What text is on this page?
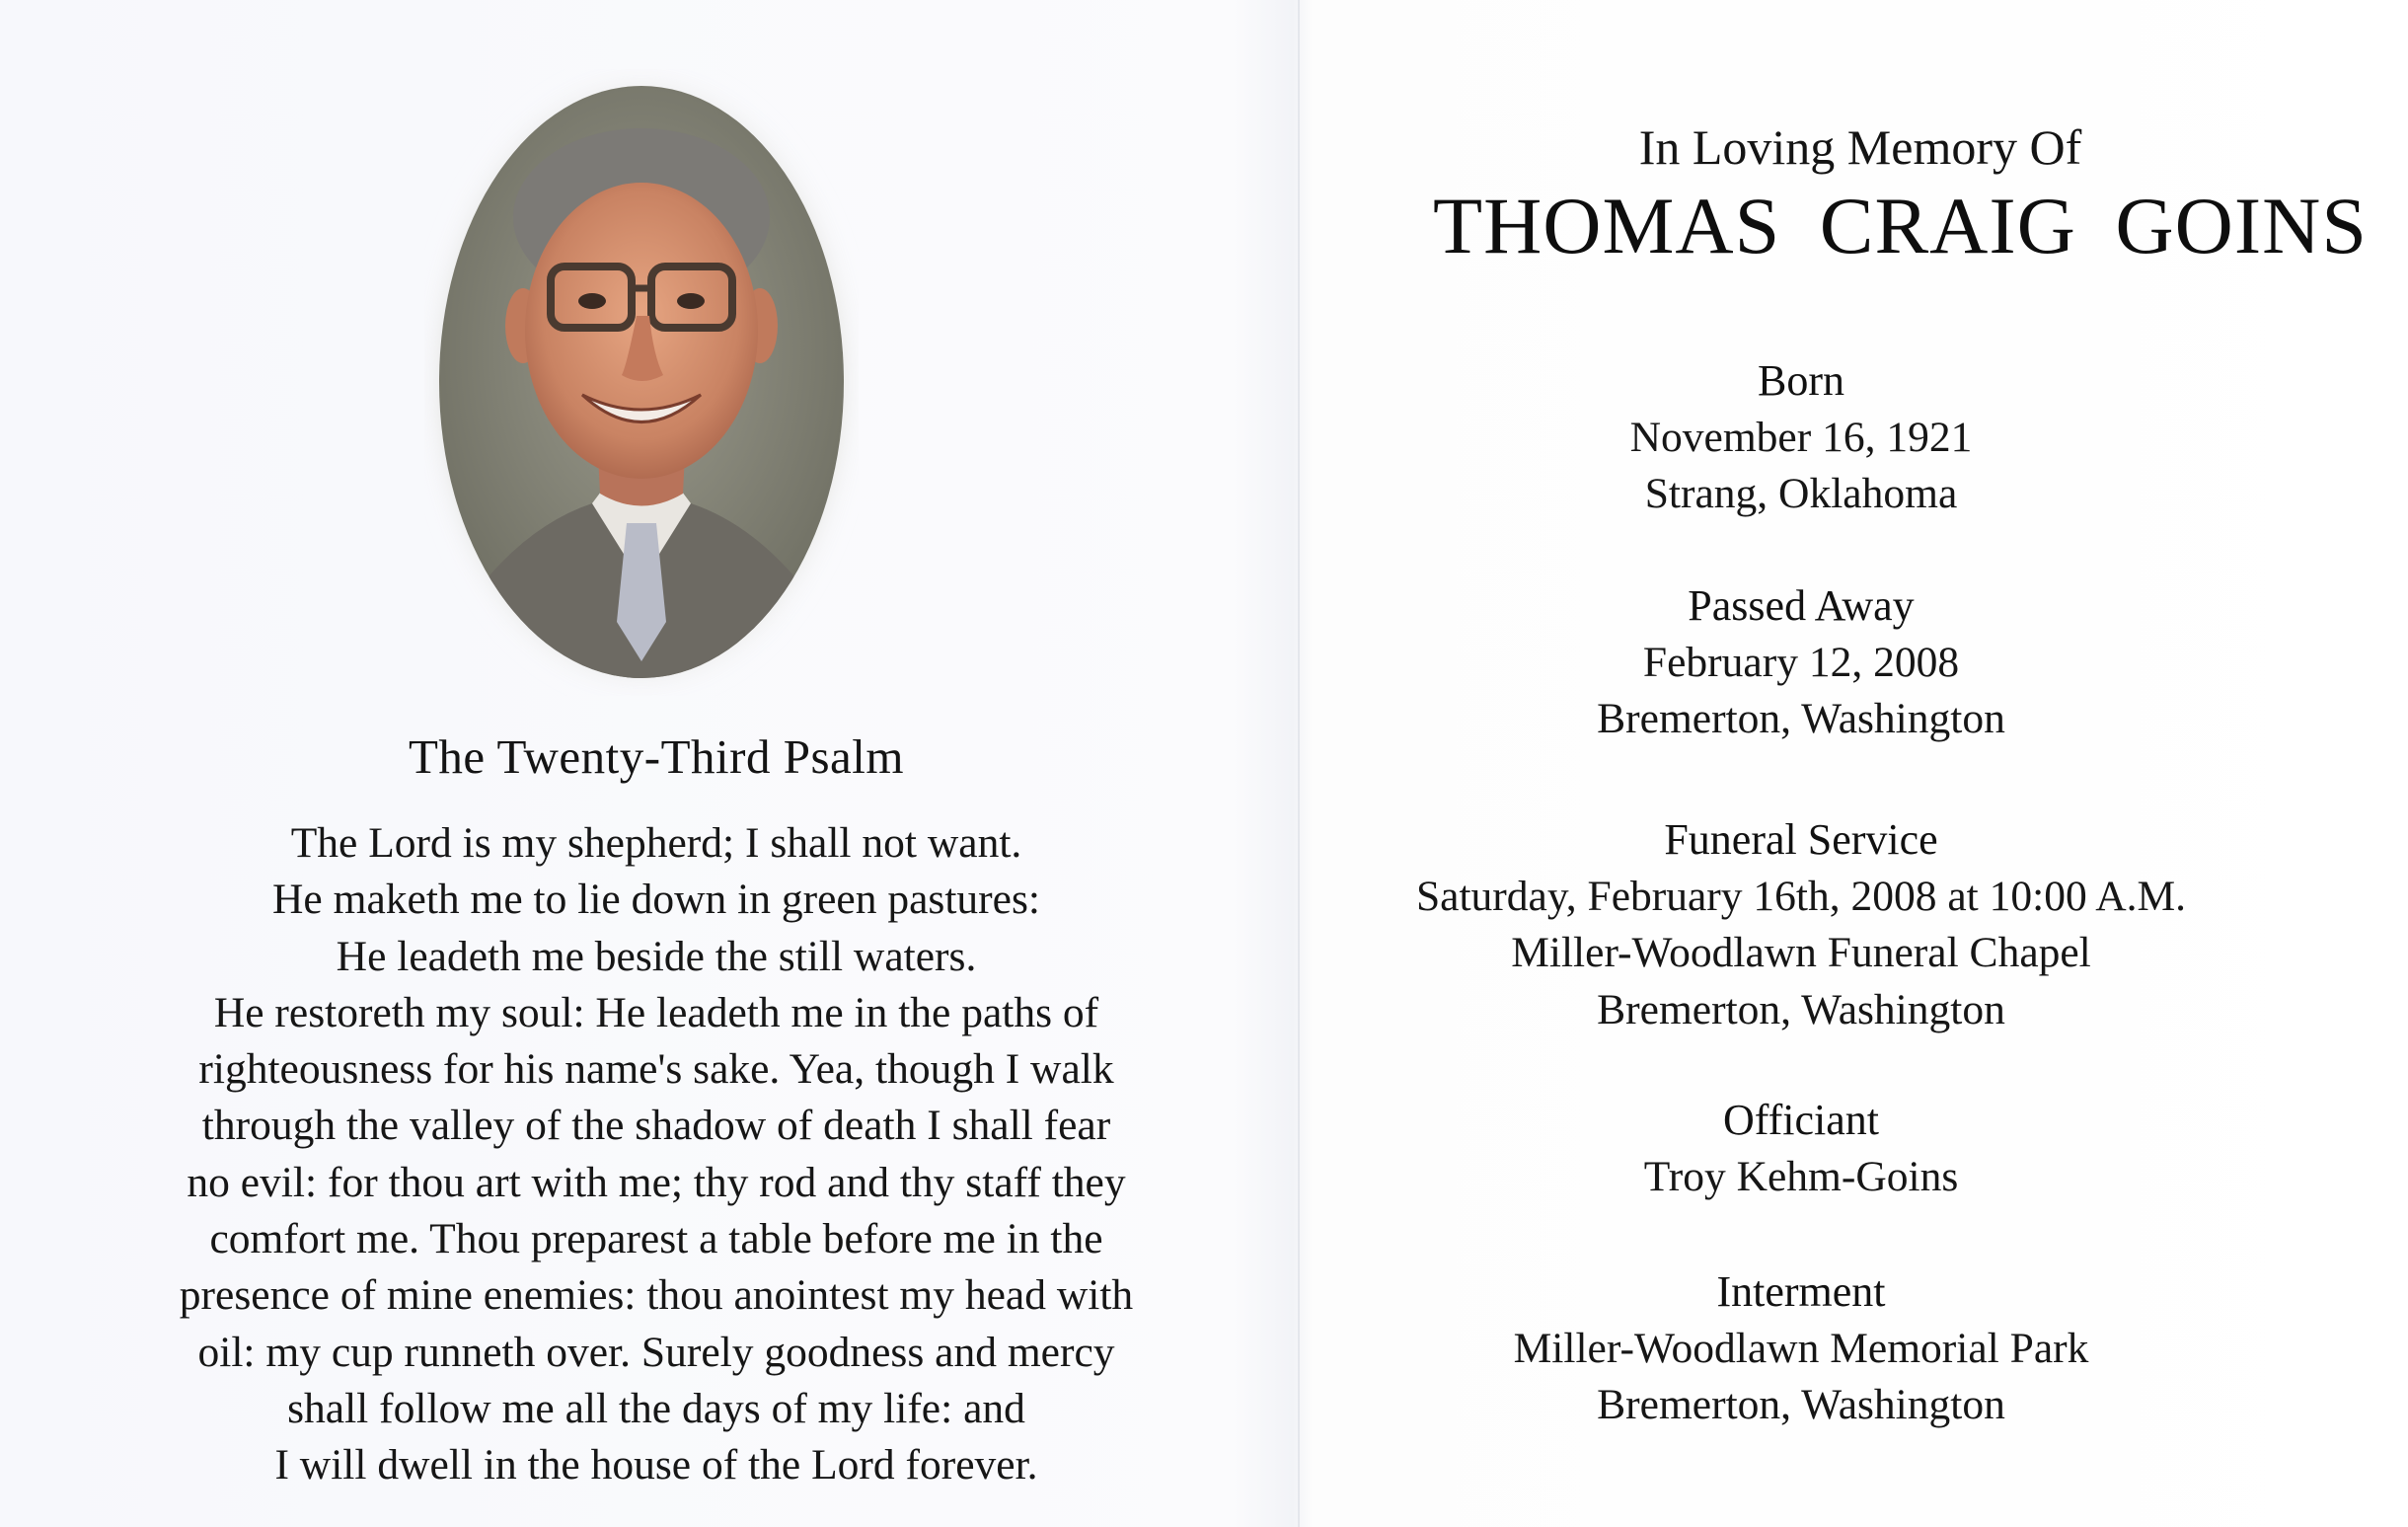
The Twenty-Third Psalm
The Lord is my shepherd; I shall not want.
He maketh me to lie down in green pastures:
He leadeth me beside the still waters.
He restoreth my soul: He leadeth me in the paths of
righteousness for his name's sake. Yea, though I walk
through the valley of the shadow of death I shall fear
no evil: for thou art with me; thy rod and thy staff they
comfort me. Thou preparest a table before me in the
presence of mine enemies: thou anointest my head with
oil: my cup runneth over. Surely goodness and mercy
shall follow me all the days of my life: and
I will dwell in the house of the Lord forever.
In Loving Memory Of
THOMAS CRAIG GOINS
Born
November 16, 1921
Strang, Oklahoma
Passed Away
February 12, 2008
Bremerton, Washington
Funeral Service
Saturday, February 16th, 2008 at 10:00 A.M.
Miller-Woodlawn Funeral Chapel
Bremerton, Washington
Officiant
Troy Kehm-Goins
Interment
Miller-Woodlawn Memorial Park
Bremerton, Washington
